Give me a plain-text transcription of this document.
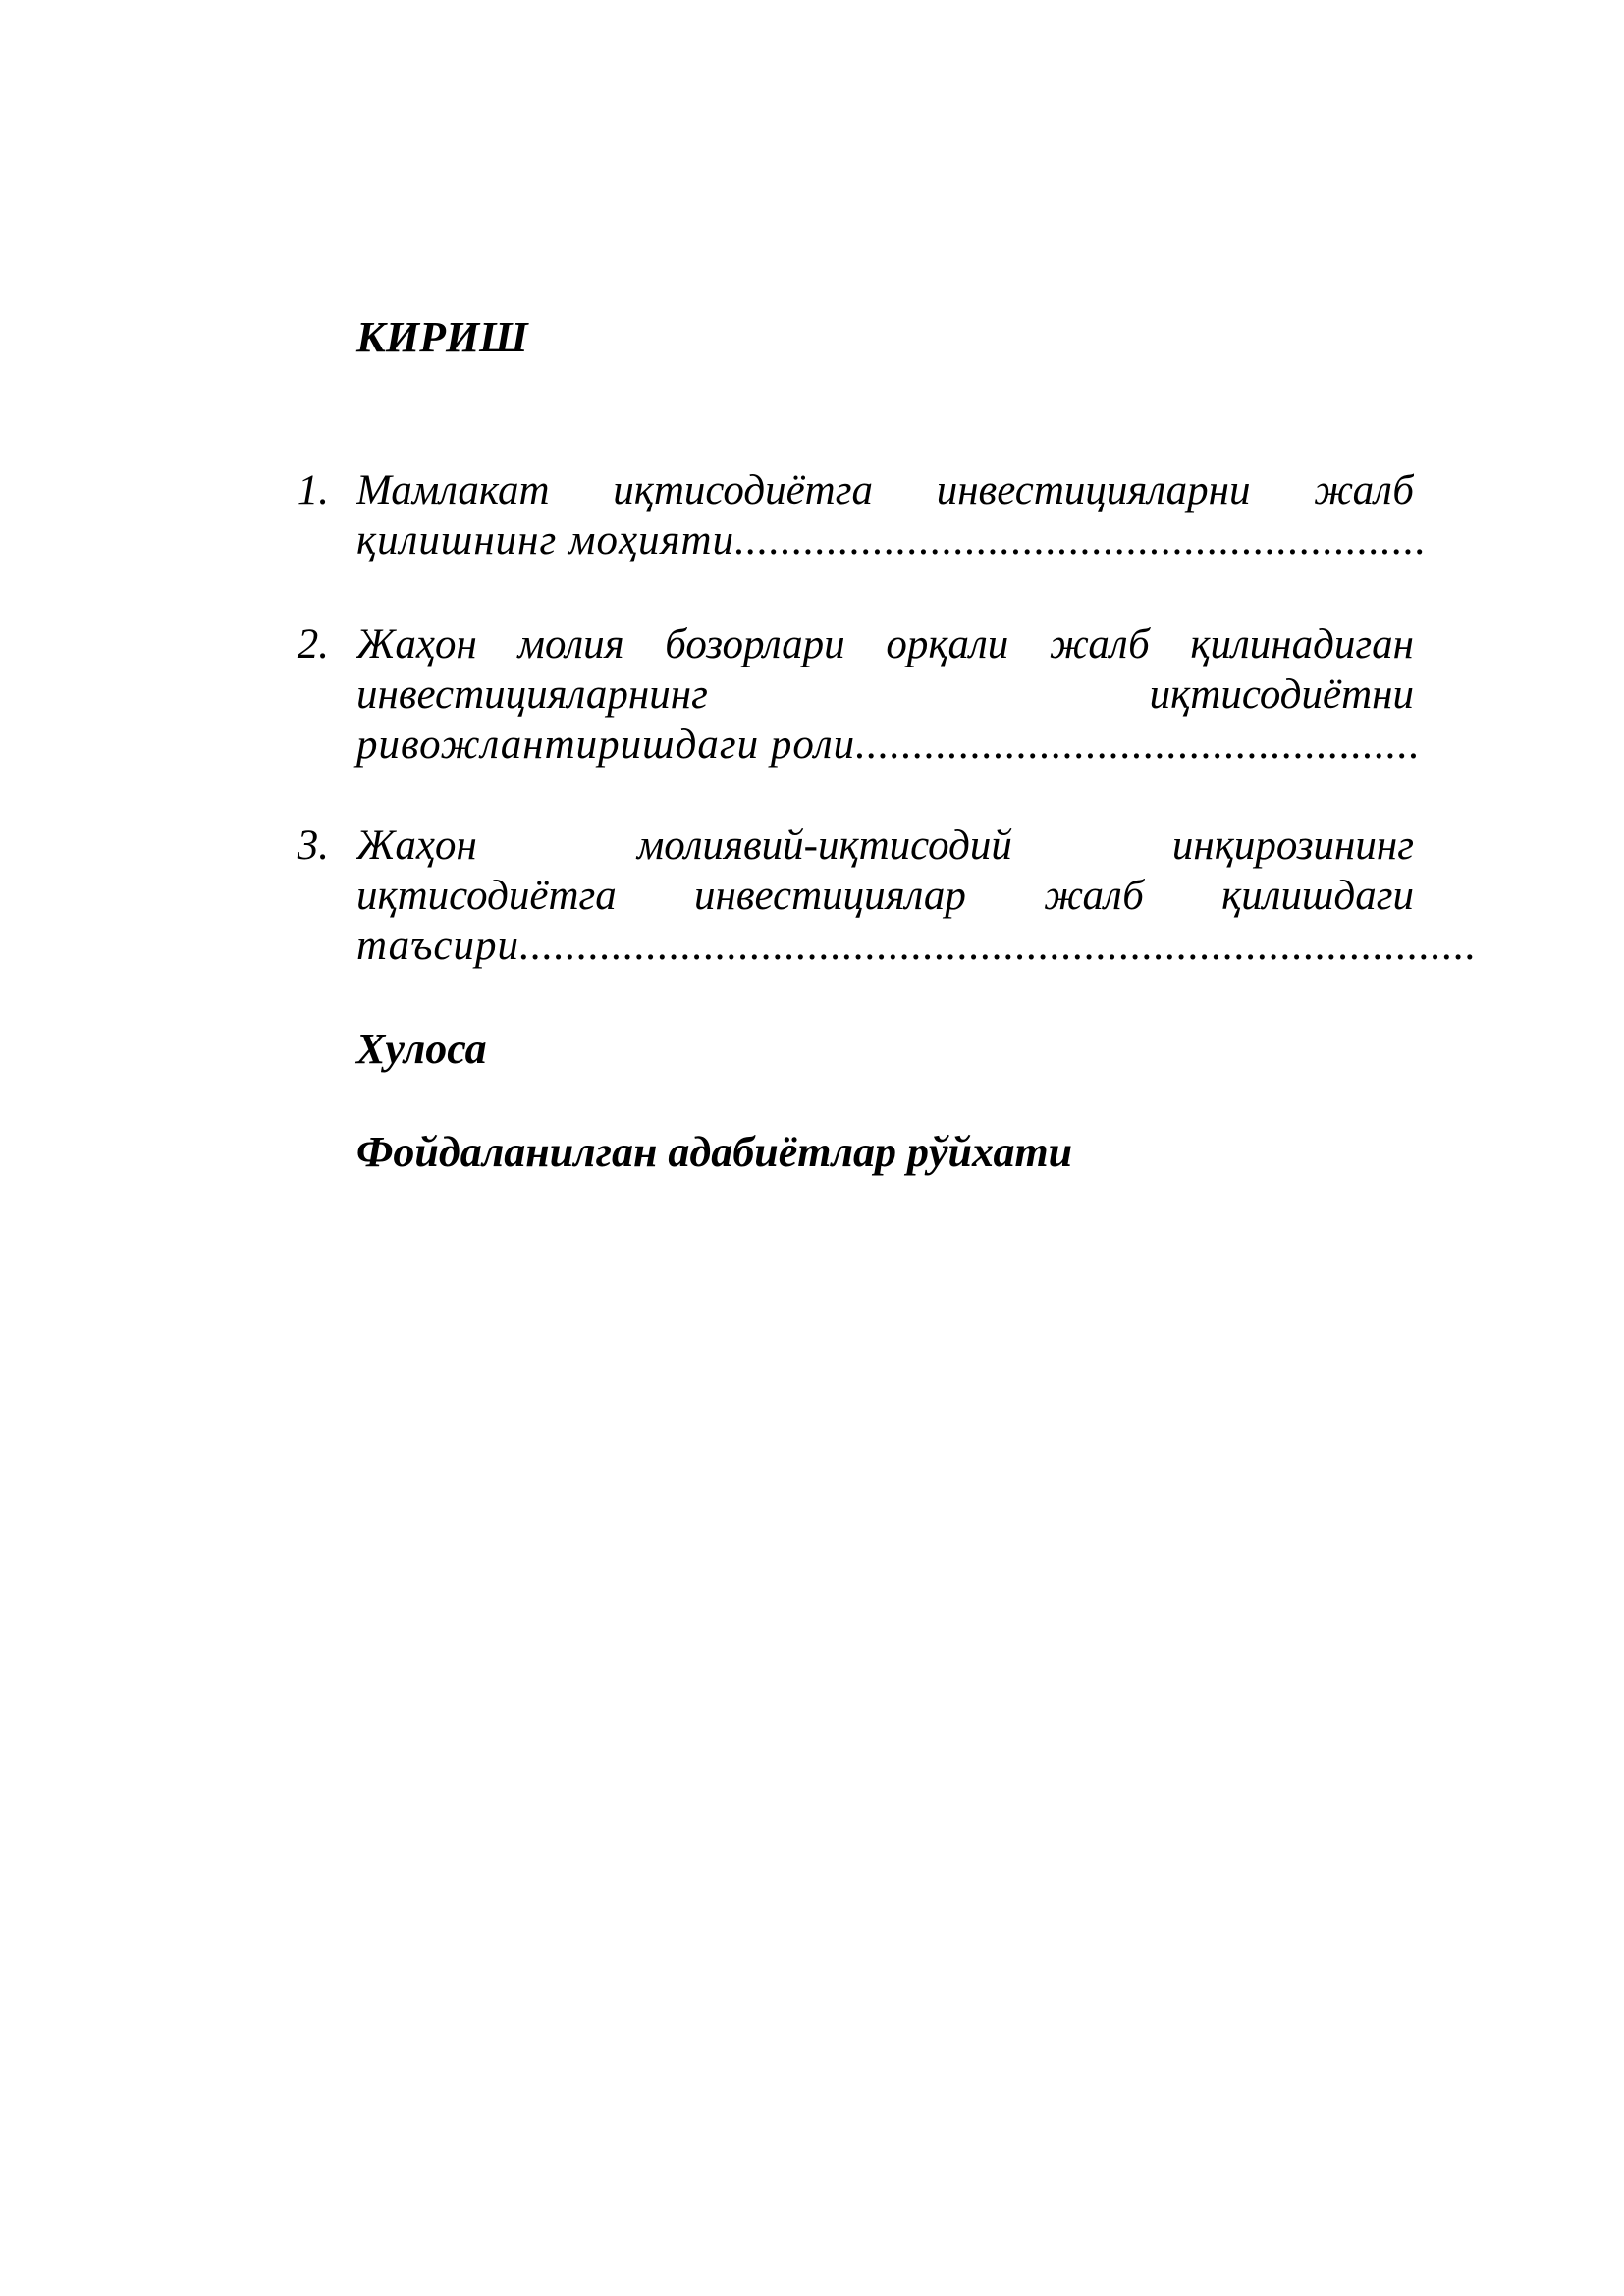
КИРИШ
1. Мамлакат иқтисодиётга инвестицияларни жалб
қилишнинг моҳияти............................................................
2. Жаҳон молия бозорлари орқали жалб қилинадиган
инвестицияларнинг иқтисодиётни
ривожлантиришдаги роли.................................................
3. Жаҳон молиявий-иқтисодий инқирозининг
иқтисодиётга инвестициялар жалб қилишдаги
таъсири...................................................................................
Хулоса
Фойдаланилган адабиётлар рўйхати
